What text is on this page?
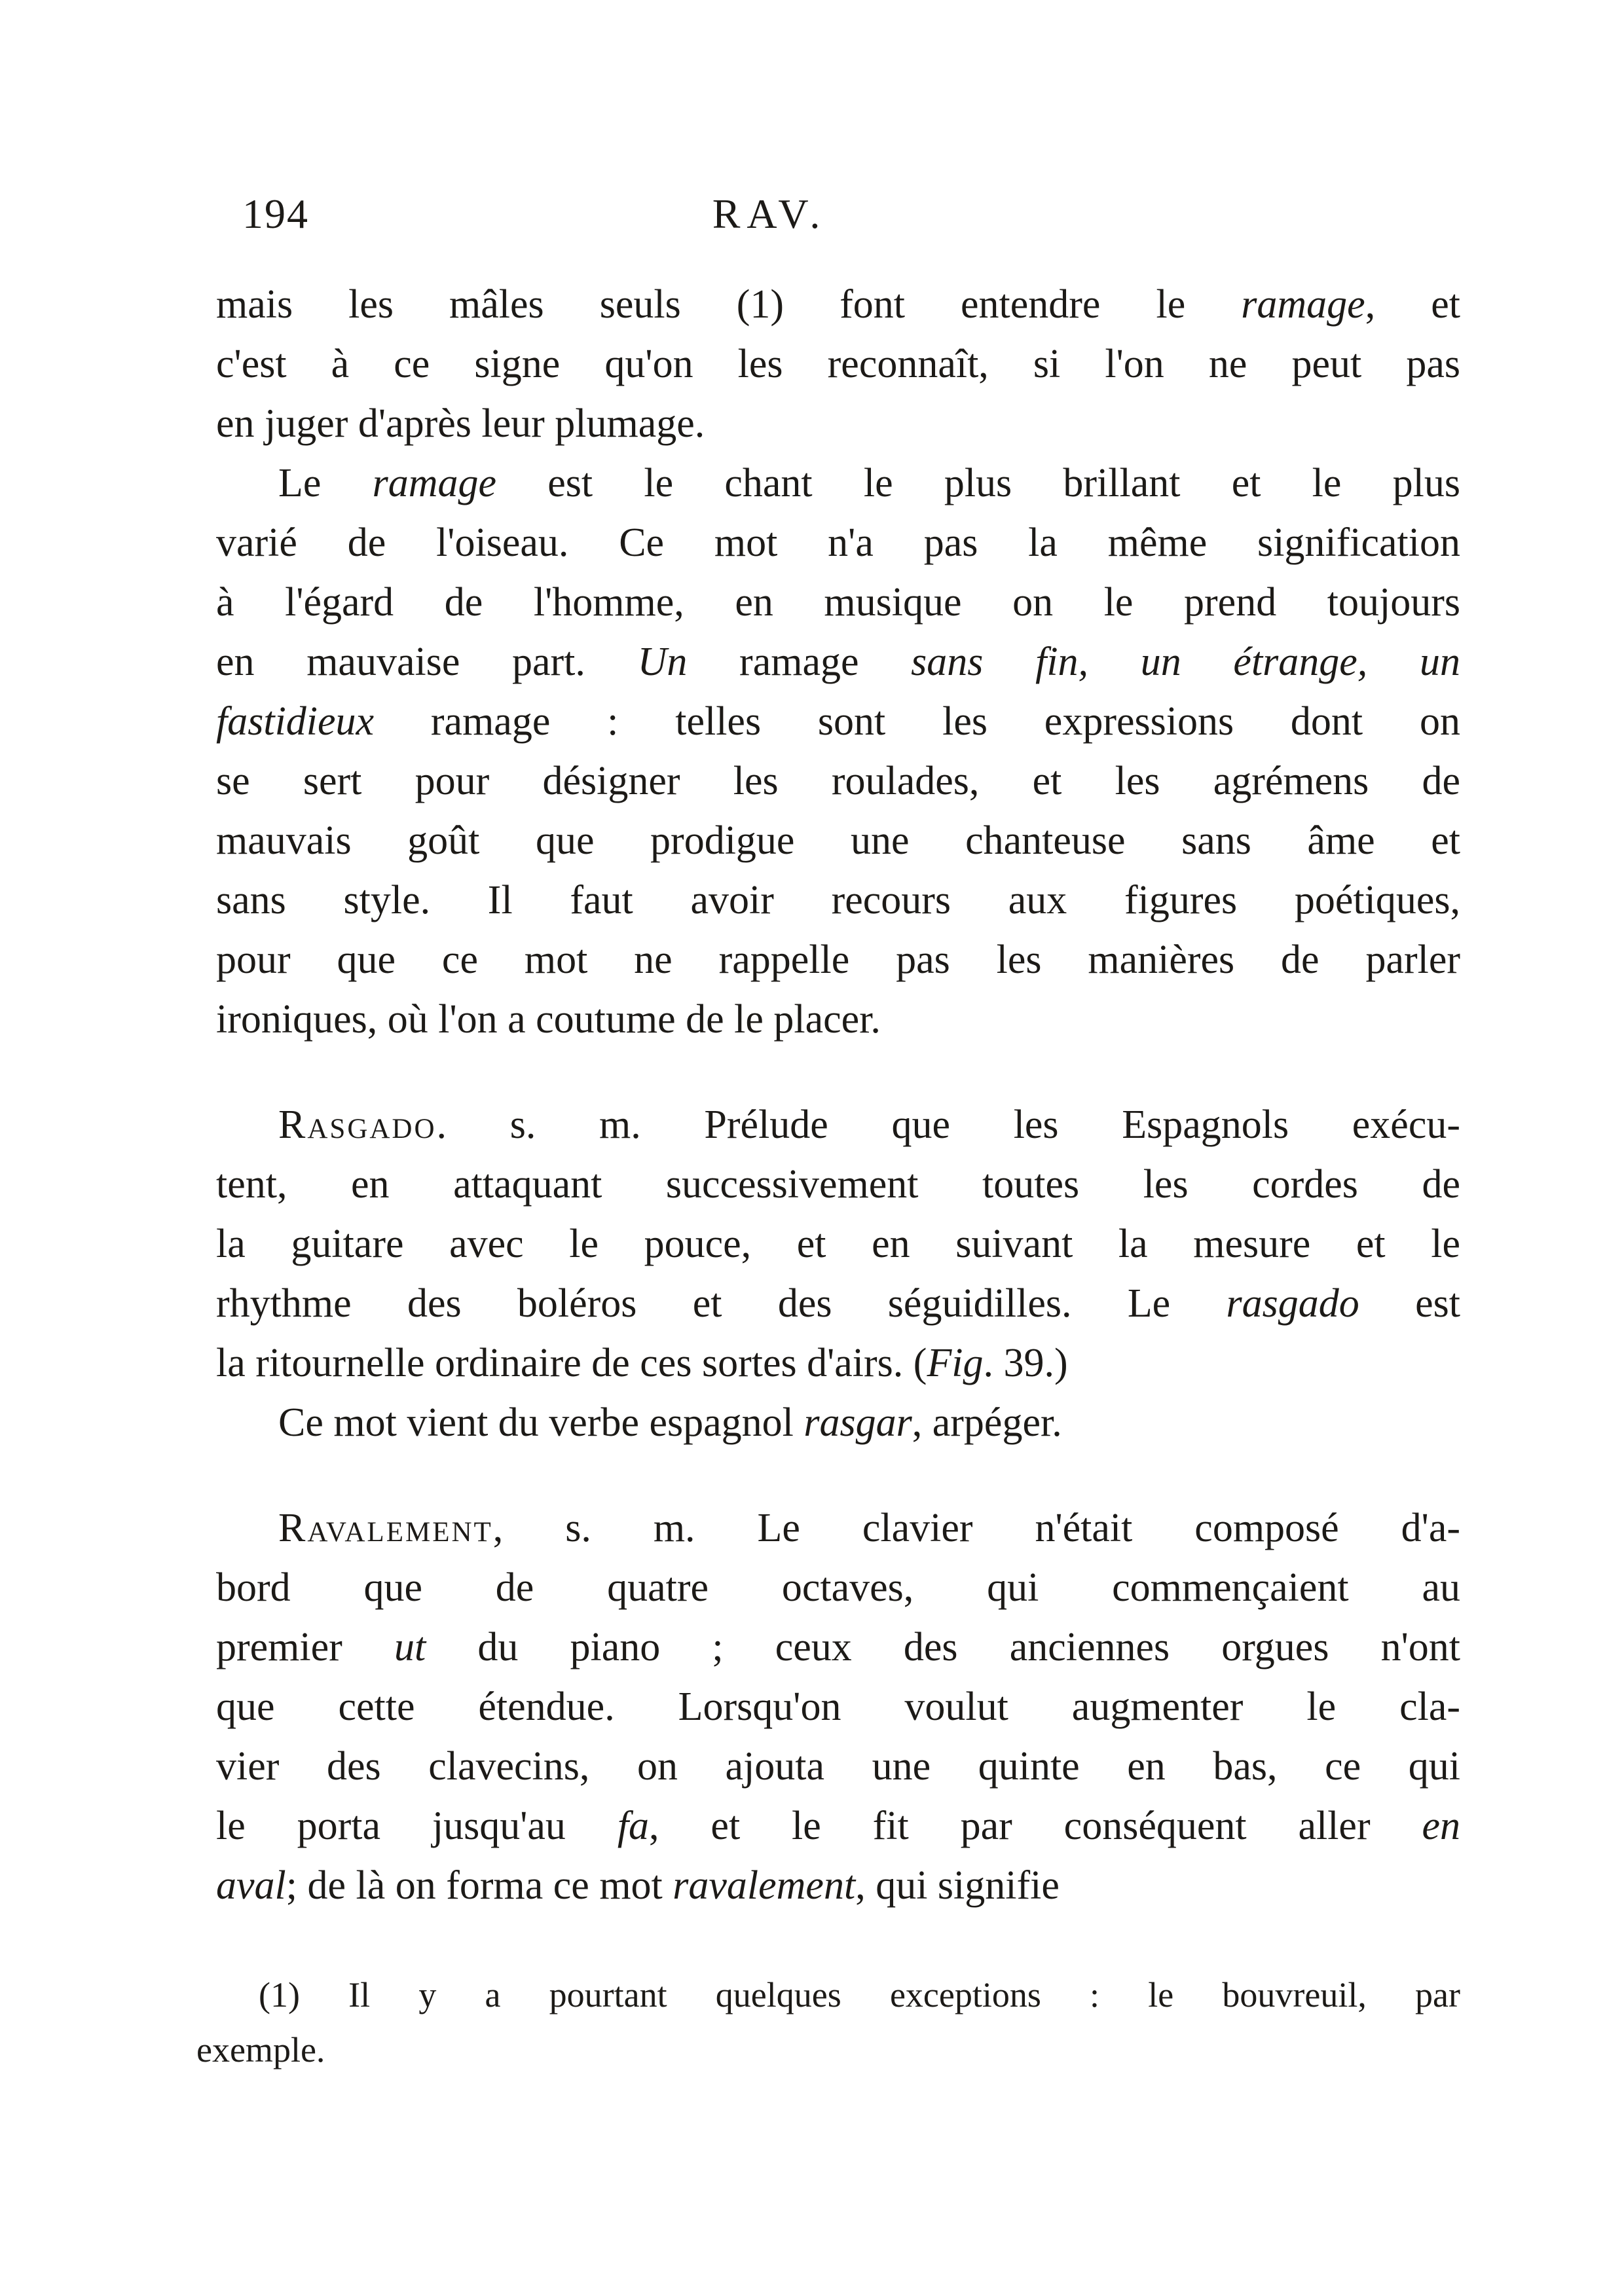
194	RAV.
mais les mâles seuls (1) font entendre le ramage, et
c'est à ce signe qu'on les reconnaît, si l'on ne peut pas
en juger d'après leur plumage.
Le ramage est le chant le plus brillant et le plus
varié de l'oiseau. Ce mot n'a pas la même signification
à l'égard de l'homme, en musique on le prend toujours
en mauvaise part. Un ramage sans fin, un étrange, un
fastidieux ramage : telles sont les expressions dont on
se sert pour désigner les roulades, et les agrémens de
mauvais goût que prodigue une chanteuse sans âme et
sans style. Il faut avoir recours aux figures poétiques,
pour que ce mot ne rappelle pas les manières de parler
ironiques, où l'on a coutume de le placer.
Rasgado. s. m. Prélude que les Espagnols exécu-
tent, en attaquant successivement toutes les cordes de
la guitare avec le pouce, et en suivant la mesure et le
rhythme des boléros et des séguidilles. Le rasgado est
la ritournelle ordinaire de ces sortes d'airs. (Fig. 39.)
Ce mot vient du verbe espagnol rasgar, arpéger.
Ravalement, s. m. Le clavier n'était composé d'a-
bord que de quatre octaves, qui commençaient au
premier ut du piano ; ceux des anciennes orgues n'ont
que cette étendue. Lorsqu'on voulut augmenter le cla-
vier des clavecins, on ajouta une quinte en bas, ce qui
le porta jusqu'au fa, et le fit par conséquent aller en
aval; de là on forma ce mot ravalement, qui signifie
(1) Il y a pourtant quelques exceptions : le bouvreuil, par
exemple.
